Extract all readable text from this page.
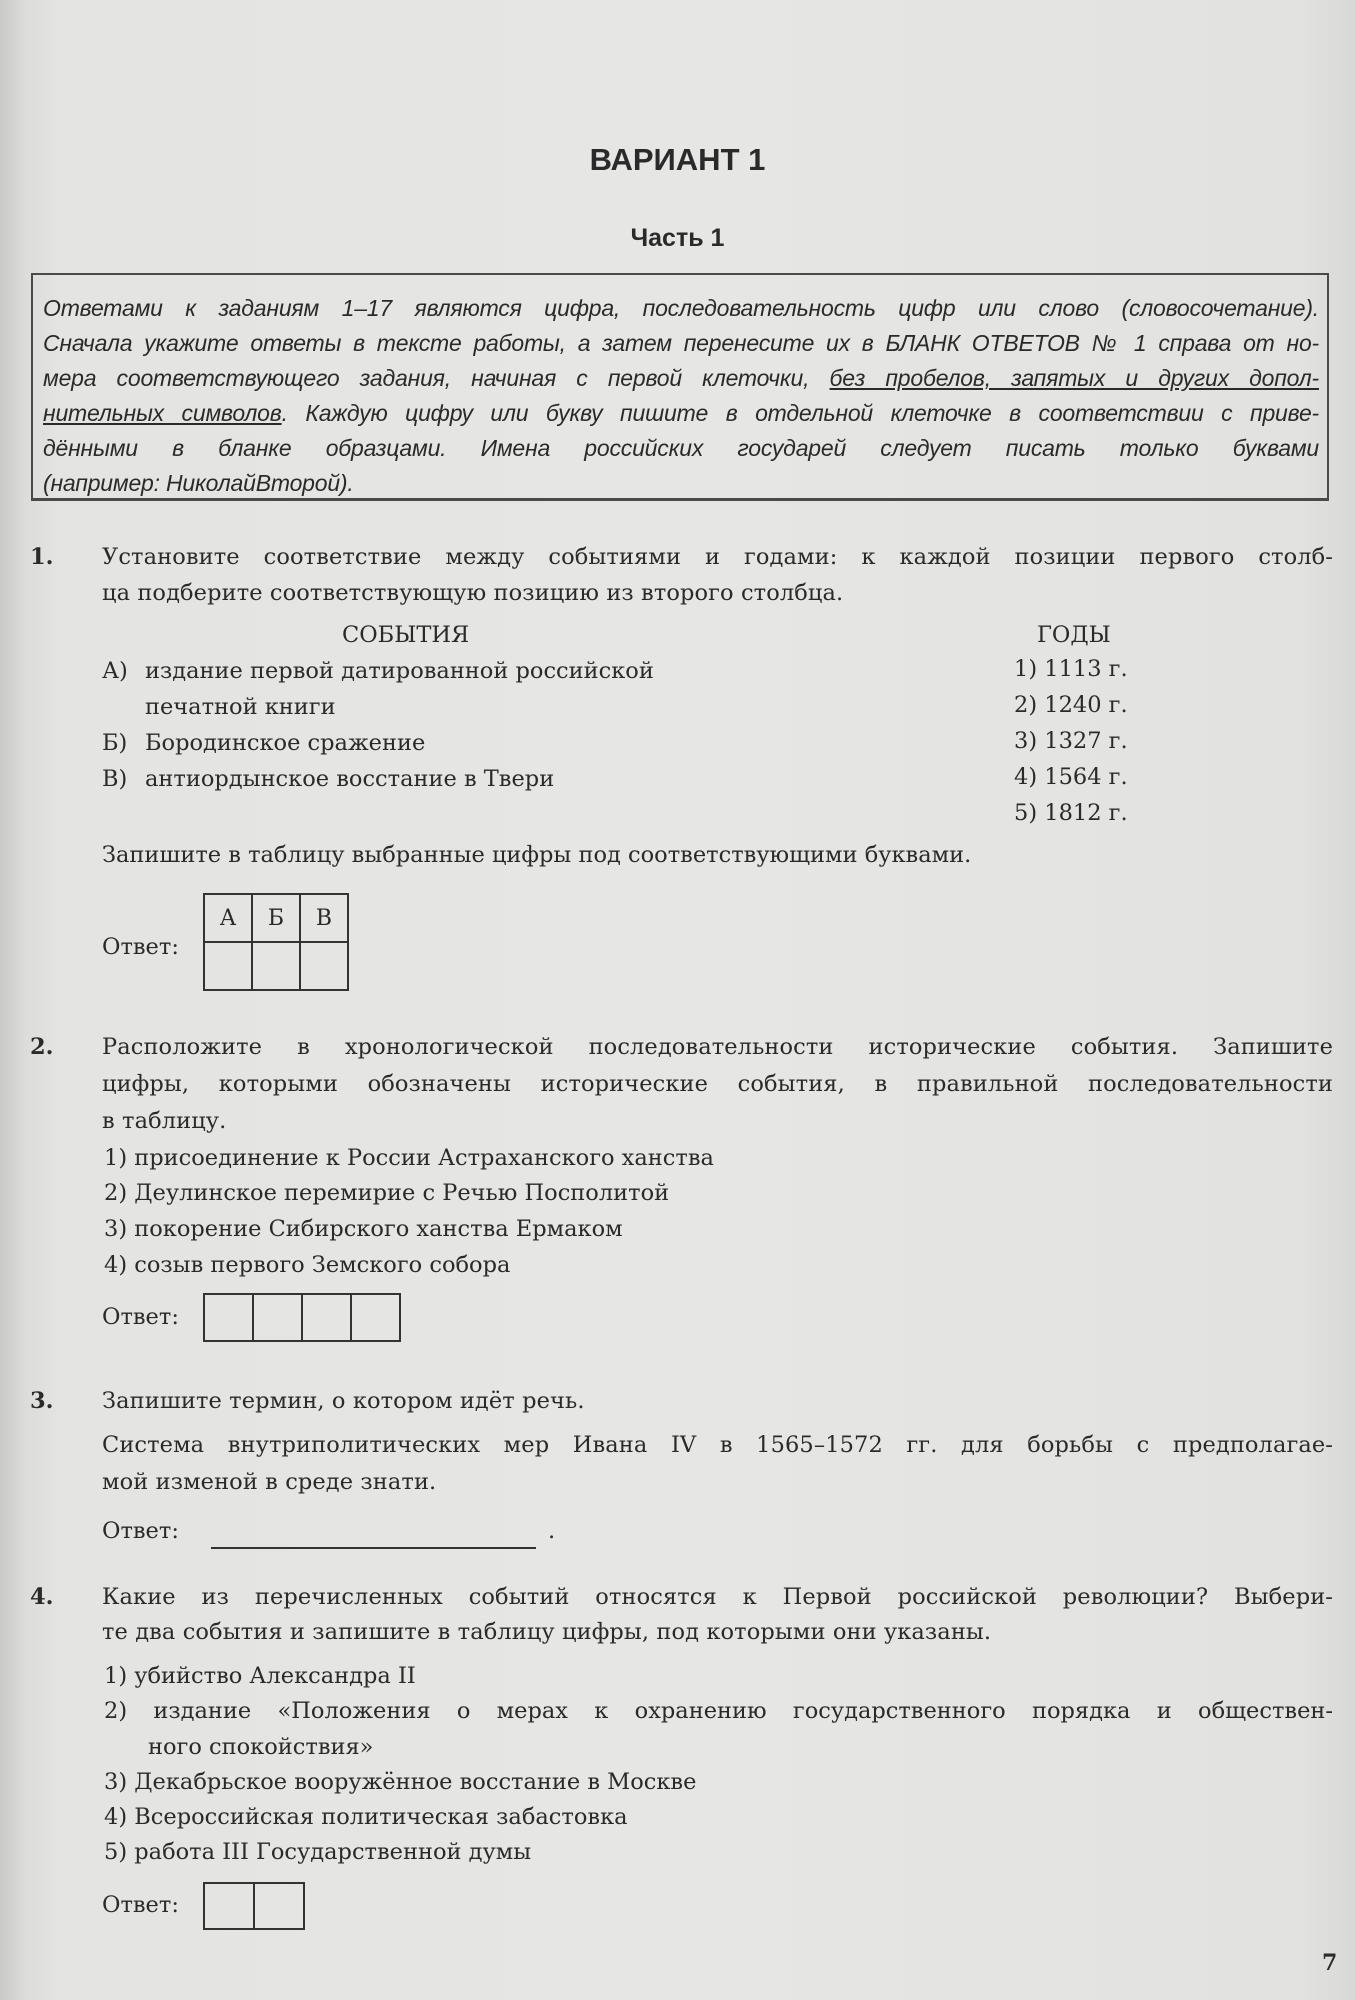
ВАРИАНТ 1
Часть 1
Ответами к заданиям 1–17 являются цифра, последовательность цифр или слово (словосочетание).
Сначала укажите ответы в тексте работы, а затем перенесите их в БЛАНК ОТВЕТОВ № 1 справа от но-
мера соответствующего задания, начиная с первой клеточки, без пробелов, запятых и других допол-
нительных символов. Каждую цифру или букву пишите в отдельной клеточке в соответствии с приве-
дёнными в бланке образцами. Имена российских государей следует писать только буквами
(например: НиколайВторой).
1. Установите соответствие между событиями и годами: к каждой позиции первого столб-
ца подберите соответствующую позицию из второго столбца.
СОБЫТИЯ	ГОДЫ
А) издание первой датированной российской
печатной книги
Б) Бородинское сражение
В) антиордынское восстание в Твери
1) 1113 г.
2) 1240 г.
3) 1327 г.
4) 1564 г.
5) 1812 г.
Запишите в таблицу выбранные цифры под соответствующими буквами.
Ответ:
А	Б	В

2. Расположите в хронологической последовательности исторические события. Запишите
цифры, которыми обозначены исторические события, в правильной последовательности
в таблицу.
1) присоединение к России Астраханского ханства
2) Деулинское перемирие с Речью Посполитой
3) покорение Сибирского ханства Ермаком
4) созыв первого Земского собора
Ответ:

3. Запишите термин, о котором идёт речь.
Система внутриполитических мер Ивана IV в 1565–1572 гг. для борьбы с предполагае-
мой изменой в среде знати.
Ответ:	.
4. Какие из перечисленных событий относятся к Первой российской революции? Выбери-
те два события и запишите в таблицу цифры, под которыми они указаны.
1) убийство Александра II
2) издание «Положения о мерах к охранению государственного порядка и обществен-
ного спокойствия»
3) Декабрьское вооружённое восстание в Москве
4) Всероссийская политическая забастовка
5) работа III Государственной думы
Ответ:

7
